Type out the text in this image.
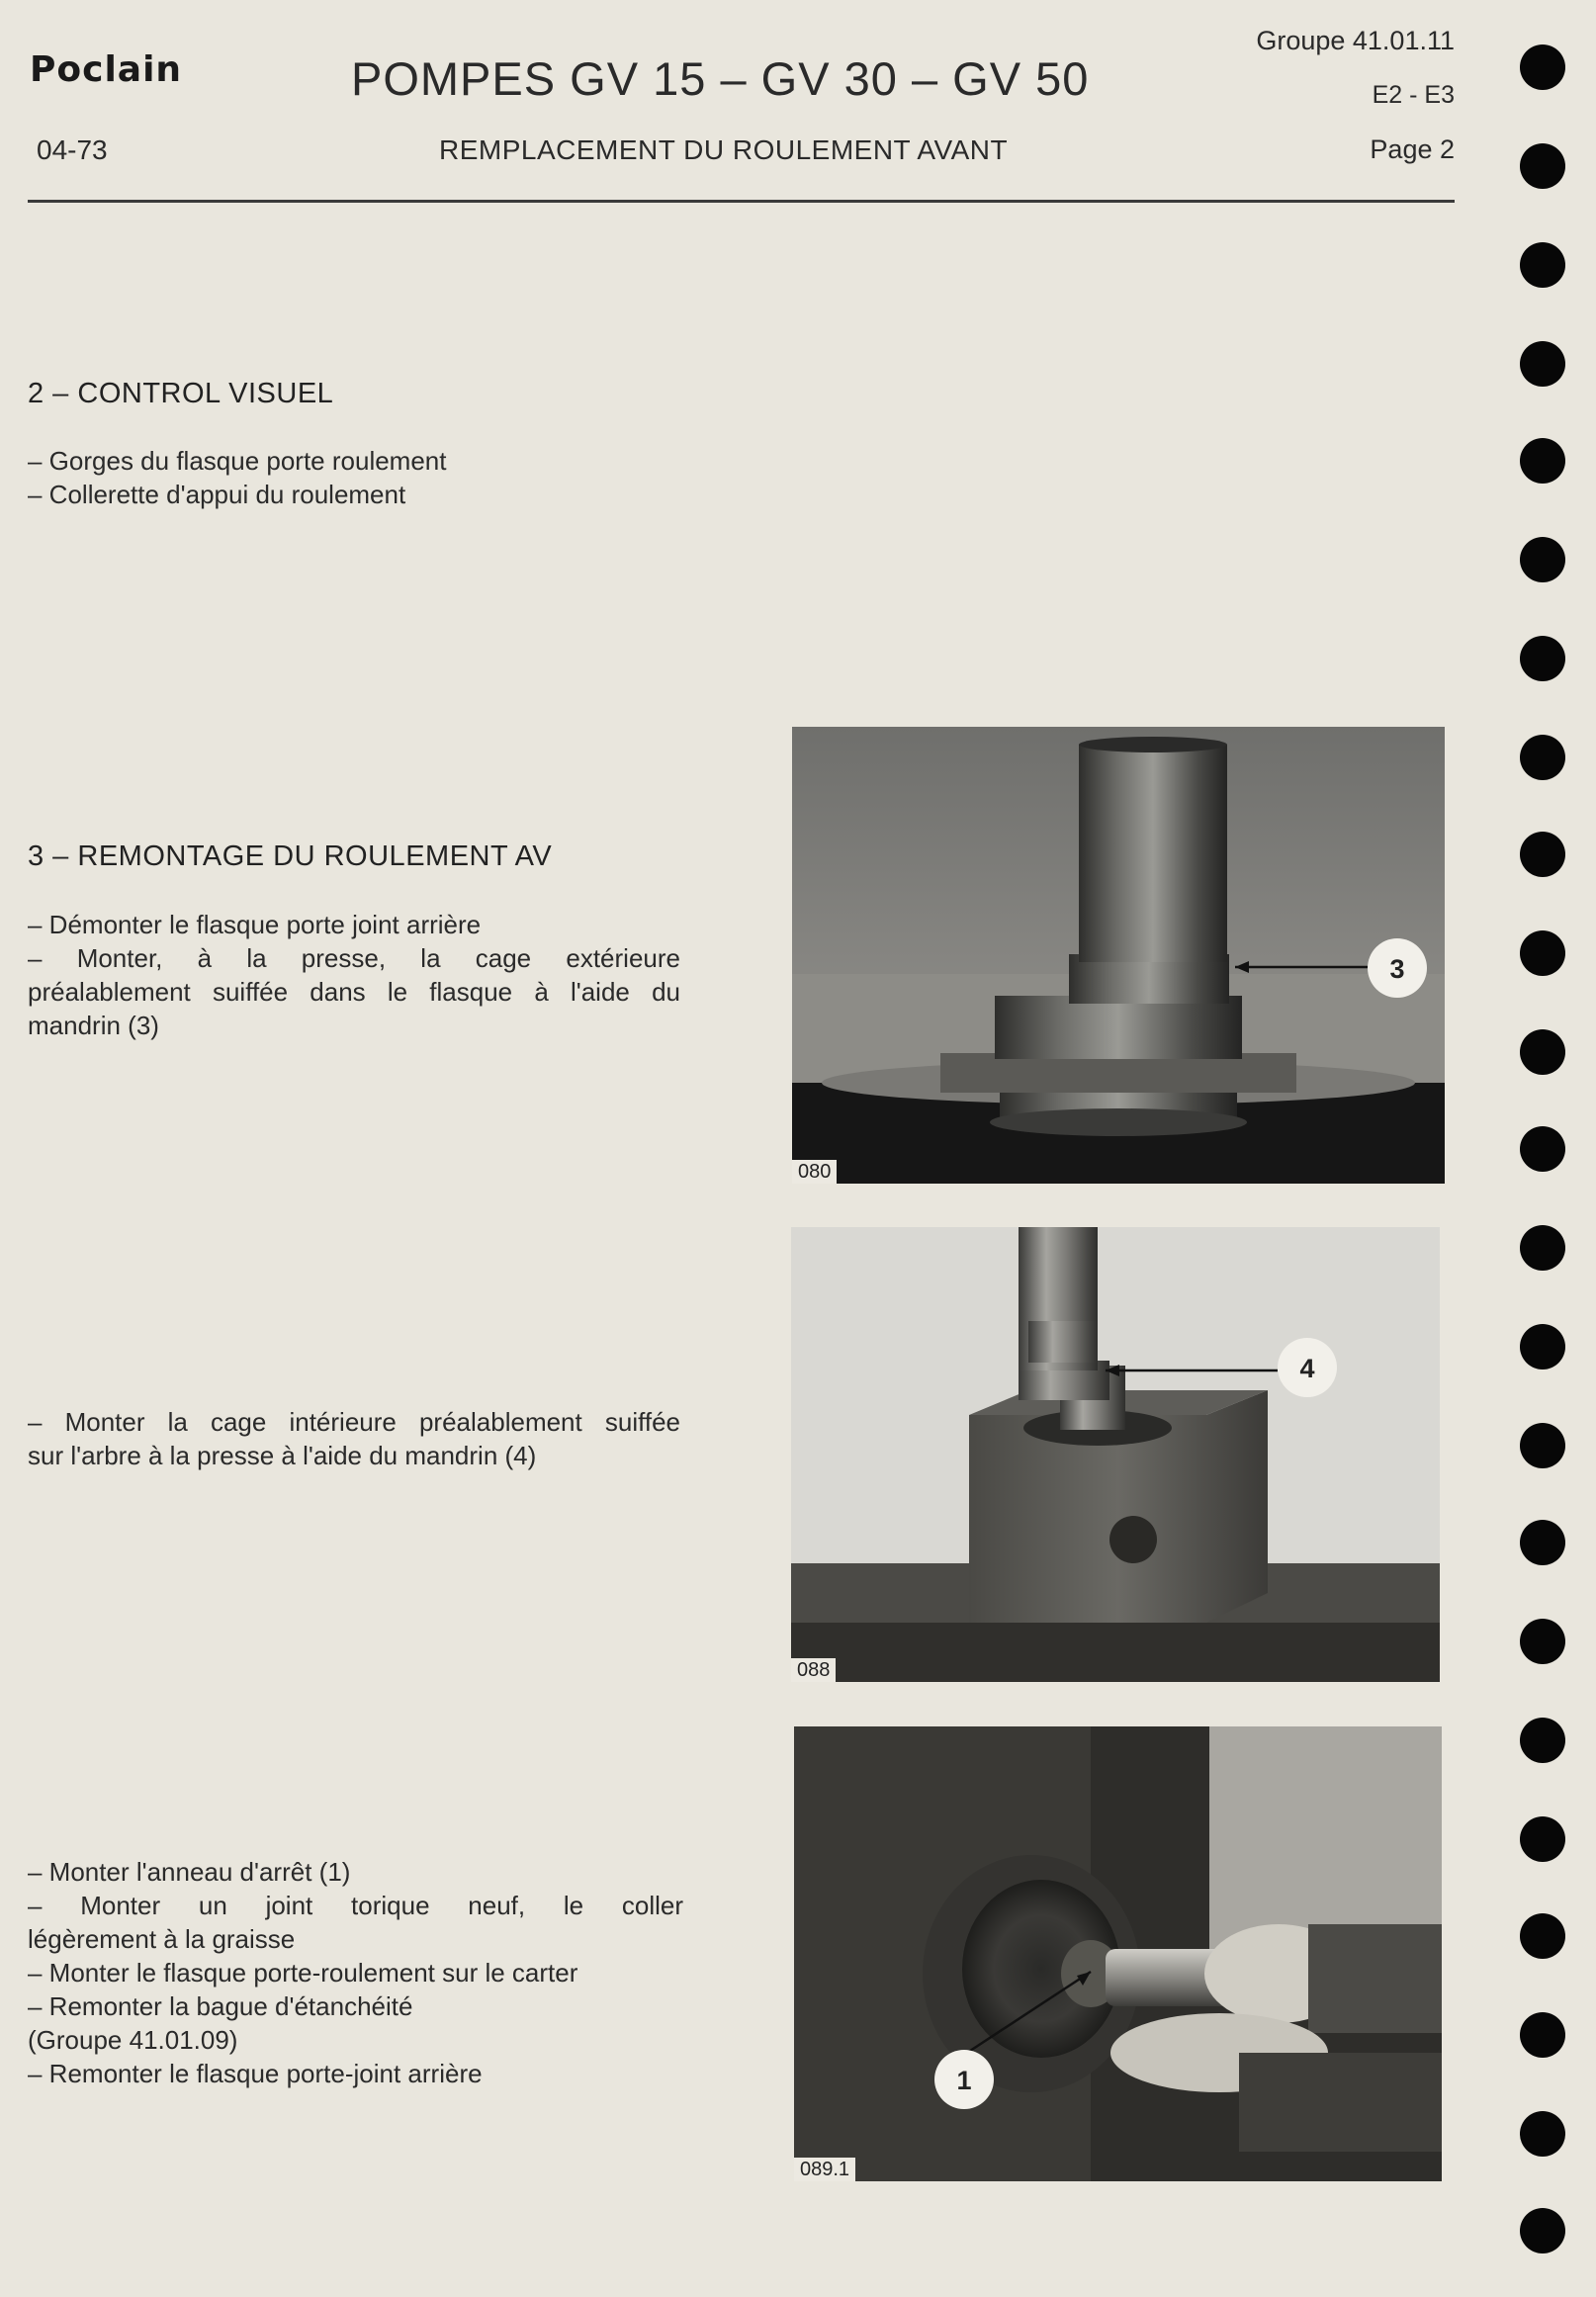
Poclain	POMPES GV 15 – GV 30 – GV 50
Groupe 41.01.11
E2 - E3
04-73	REMPLACEMENT DU ROULEMENT AVANT	Page 2
2 – CONTROL VISUEL
– Gorges du flasque porte roulement
– Collerette d'appui du roulement
3 – REMONTAGE DU ROULEMENT AV
– Démonter le flasque porte joint arrière
– Monter, à la presse, la cage extérieure
préalablement suiffée dans le flasque à l'aide du
mandrin (3)
– Monter la cage intérieure préalablement suiffée
sur l'arbre à la presse à l'aide du mandrin (4)
– Monter l'anneau d'arrêt (1)
– Monter un joint torique neuf, le coller
légèrement à la graisse
– Monter le flasque porte-roulement sur le carter
– Remonter la bague d'étanchéité
(Groupe 41.01.09)
– Remonter le flasque porte-joint arrière
3
080
4
088
1
089.1
